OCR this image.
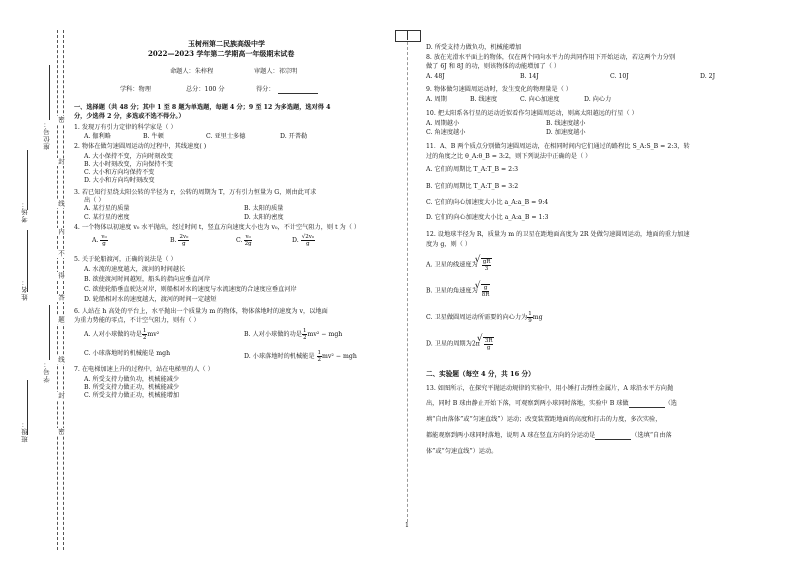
班级：
姓名：
考场：
学号：
座位号：
密
封
线
内
不
得
答
题
线
封
密
1
玉树州第二民族高级中学
2022—2023 学年第二学期高一年级期末试卷
命题人：朱梓程	审题人：祁宗明
学科：物理	总分：100 分	得分：
一、选择题（共 48 分；其中 1 至 8 题为单选题，每题 4 分；9 至 12 为多选题，选对得 4
分，少选得 2 分，多选或不选不得分。）
1. 发现万有引力定律的科学家是（ ）
A. 伽利略	B. 牛顿	C. 亚里士多德	D. 开普勒
2. 物体在做匀速圆周运动的过程中，其线速度( )
A. 大小保持不变，方向时刻改变
B. 大小时刻改变，方向保持不变
C. 大小和方向均保持不变
D. 大小和方向均时刻改变
3. 若已知行星绕太阳公转的半径为 r，公转的周期为 T，万有引力恒量为 G，则由此可求
出（ ）
A. 某行星的质量	B. 太阳的质量
C. 某行星的密度	D. 太阳的密度
4. 一个物体以初速度 v₀ 水平抛出，经过时间 t，竖直方向速度大小也为 v₀，不计空气阻力，则 t 为（ ）
A. $\frac{\text{v₀}}{g}$	B. $\frac{\text{2v₀}}{g}$	C. $\frac{\text{v₀}}{2g}$	D. $\frac{\text{√2v₀}}{g}$
5. 关于轮船渡河，正确的说法是（ ）
A. 水流的速度越大，渡河的时间越长
B. 欲使渡河时间越短，船头的指向应垂直河岸
C. 欲使轮船垂直驶达对岸，则船相对水的速度与水流速度的合速度应垂直河岸
D. 轮船相对水的速度越大，渡河的时间一定越短
6. 人站在 h 高处的平台上，水平抛出一个质量为 m 的物体，物体落地时的速度为 v，以地面
为重力势能的零点，不计空气阻力，则有（ ）
A. 人对小球做的功是 $\frac{1}{2} mv^2$	B. 人对小球做的功是 $\frac{1}{2} mv^2$ − mgh
C. 小球落地时的机械能是 mgh	D. 小球落地时的机械能是 $\frac{1}{2} mv^2$ − mgh
7. 在电梯加速上升的过程中，站在电梯里的人（ ）
A. 所受支持力做负功，机械能减少
B. 所受支持力做正功，机械能减少
C. 所受支持力做正功，机械能增加
D. 所受支持力做负功，机械能增加
8. 放在光滑水平面上的物体，仅在两个同向水平力的共同作用下开始运动，若这两个力分别
做了 6J 和 8J 的功，则该物体的动能增加了（ ）
A. 48J	B. 14J	C. 10J	D. 2J
9. 物体做匀速圆周运动时，发生变化的物理量是（ ）
A. 周期	B. 线速度	C. 向心加速度	D. 向心力
10. 把太阳系各行星的运动近似看作匀速圆周运动，则离太阳越远的行星（ ）
A. 周期越小	B. 线速度越小
C. 角速度越小	D. 加速度越小
11．A、B 两个质点分别做匀速圆周运动，在相同时间内它们通过的路程比 S_A:S_B = 2:3，转
过的角度之比 θ_A:θ_B = 3:2，则下列说法中正确的是（ ）
A. 它们的周期比 T_A:T_B = 2:3
B. 它们的周期比 T_A:T_B = 3:2
C. 它们的向心加速度大小比 a_A:a_B = 9:4
D. 它们的向心加速度大小比 a_A:a_B = 1:3
12. 设地球半径为 R，质量为 m 的卫星在距地面高度为 2R 处做匀速圆周运动，地面的重力加速
度为 g，则（ ）
A. 卫星的线速度为 √ $\frac{gR}{3}$
B. 卫星的角速度为 √ $\frac{g}{8R}$
C. 卫星做圆周运动所需要的向心力为 $\frac{1}{9}$ mg
D. 卫星的周期为2π √ $\frac{3R}{g}$
二、实验题（每空 4 分，共 16 分）
13. 如图所示，在探究平抛运动规律的实验中，用小锤打击弹性金属片，A 球沿水平方向抛
出，同时 B 球由静止开始下落，可观察到两小球同时落地，实验中 B 球做	（选
填“自由落体”或“匀速直线”）运动；改变装置距地面的高度和打击的力度，多次实验，
都能观察到两小球同时落地，说明 A 球在竖直方向的分运动是	（选填“自由落
体”或“匀速直线”）运动。
